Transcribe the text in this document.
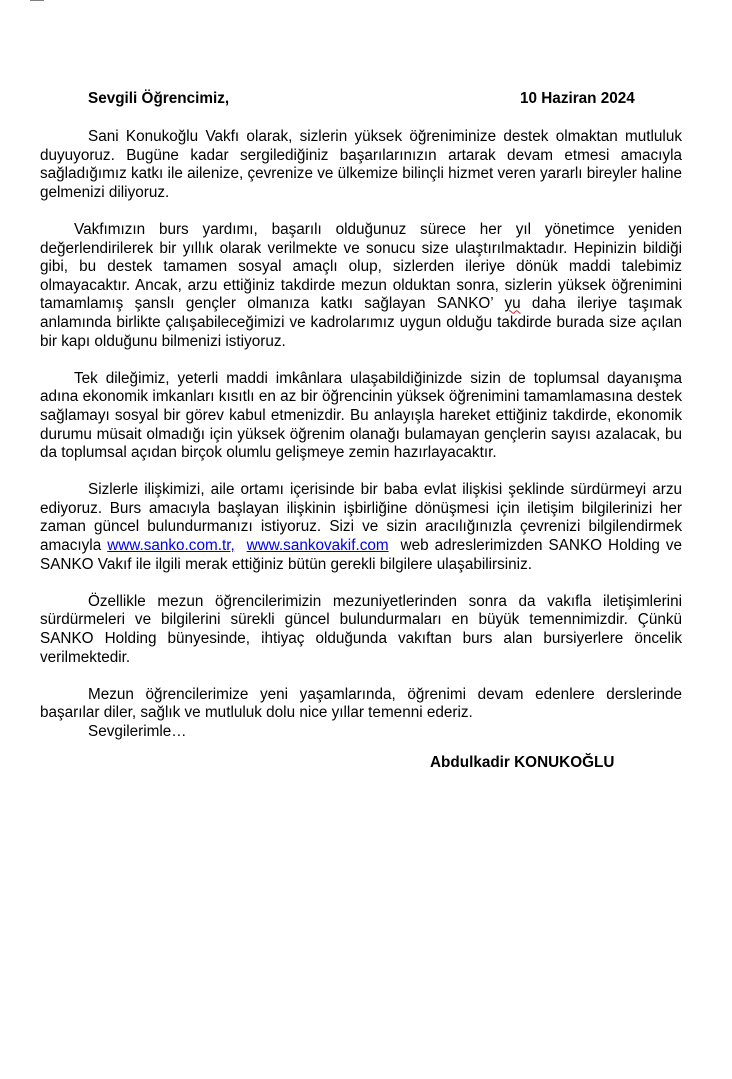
Sevgili Öğrencimiz,	10 Haziran 2024

Sani Konukoğlu Vakfı olarak, sizlerin yüksek öğreniminize destek olmaktan mutluluk duyuyoruz. Bugüne kadar sergilediğiniz başarılarınızın artarak devam etmesi amacıyla sağladığımız katkı ile ailenize, çevrenize ve ülkemize bilinçli hizmet veren yararlı bireyler haline gelmenizi diliyoruz.

Vakfımızın burs yardımı, başarılı olduğunuz sürece her yıl yönetimce yeniden değerlendirilerek bir yıllık olarak verilmekte ve sonucu size ulaştırılmaktadır. Hepinizin bildiği gibi, bu destek tamamen sosyal amaçlı olup, sizlerden ileriye dönük maddi talebimiz olmayacaktır. Ancak, arzu ettiğiniz takdirde mezun olduktan sonra, sizlerin yüksek öğrenimini tamamlamış şanslı gençler olmanıza katkı sağlayan SANKO’ yu daha ileriye taşımak anlamında birlikte çalışabileceğimizi ve kadrolarımız uygun olduğu takdirde burada size açılan bir kapı olduğunu bilmenizi istiyoruz.

Tek dileğimiz, yeterli maddi imkânlara ulaşabildiğinizde sizin de toplumsal dayanışma adına ekonomik imkanları kısıtlı en az bir öğrencinin yüksek öğrenimini tamamlamasına destek sağlamayı sosyal bir görev kabul etmenizdir. Bu anlayışla hareket ettiğiniz takdirde, ekonomik durumu müsait olmadığı için yüksek öğrenim olanağı bulamayan gençlerin sayısı azalacak, bu da toplumsal açıdan birçok olumlu gelişmeye zemin hazırlayacaktır.

Sizlerle ilişkimizi, aile ortamı içerisinde bir baba evlat ilişkisi şeklinde sürdürmeyi arzu ediyoruz. Burs amacıyla başlayan ilişkinin işbirliğine dönüşmesi için iletişim bilgilerinizi her zaman güncel bulundurmanızı istiyoruz. Sizi ve sizin aracılığınızla çevrenizi bilgilendirmek amacıyla www.sanko.com.tr, www.sankovakif.com web adreslerimizden SANKO Holding ve SANKO Vakıf ile ilgili merak ettiğiniz bütün gerekli bilgilere ulaşabilirsiniz.

Özellikle mezun öğrencilerimizin mezuniyetlerinden sonra da vakıfla iletişimlerini sürdürmeleri ve bilgilerini sürekli güncel bulundurmaları en büyük temennimizdir. Çünkü SANKO Holding bünyesinde, ihtiyaç olduğunda vakıftan burs alan bursiyerlere öncelik verilmektedir.

Mezun öğrencilerimize yeni yaşamlarında, öğrenimi devam edenlere derslerinde başarılar diler, sağlık ve mutluluk dolu nice yıllar temenni ederiz.

Sevgilerimle…
Abdulkadir KONUKOĞLU
